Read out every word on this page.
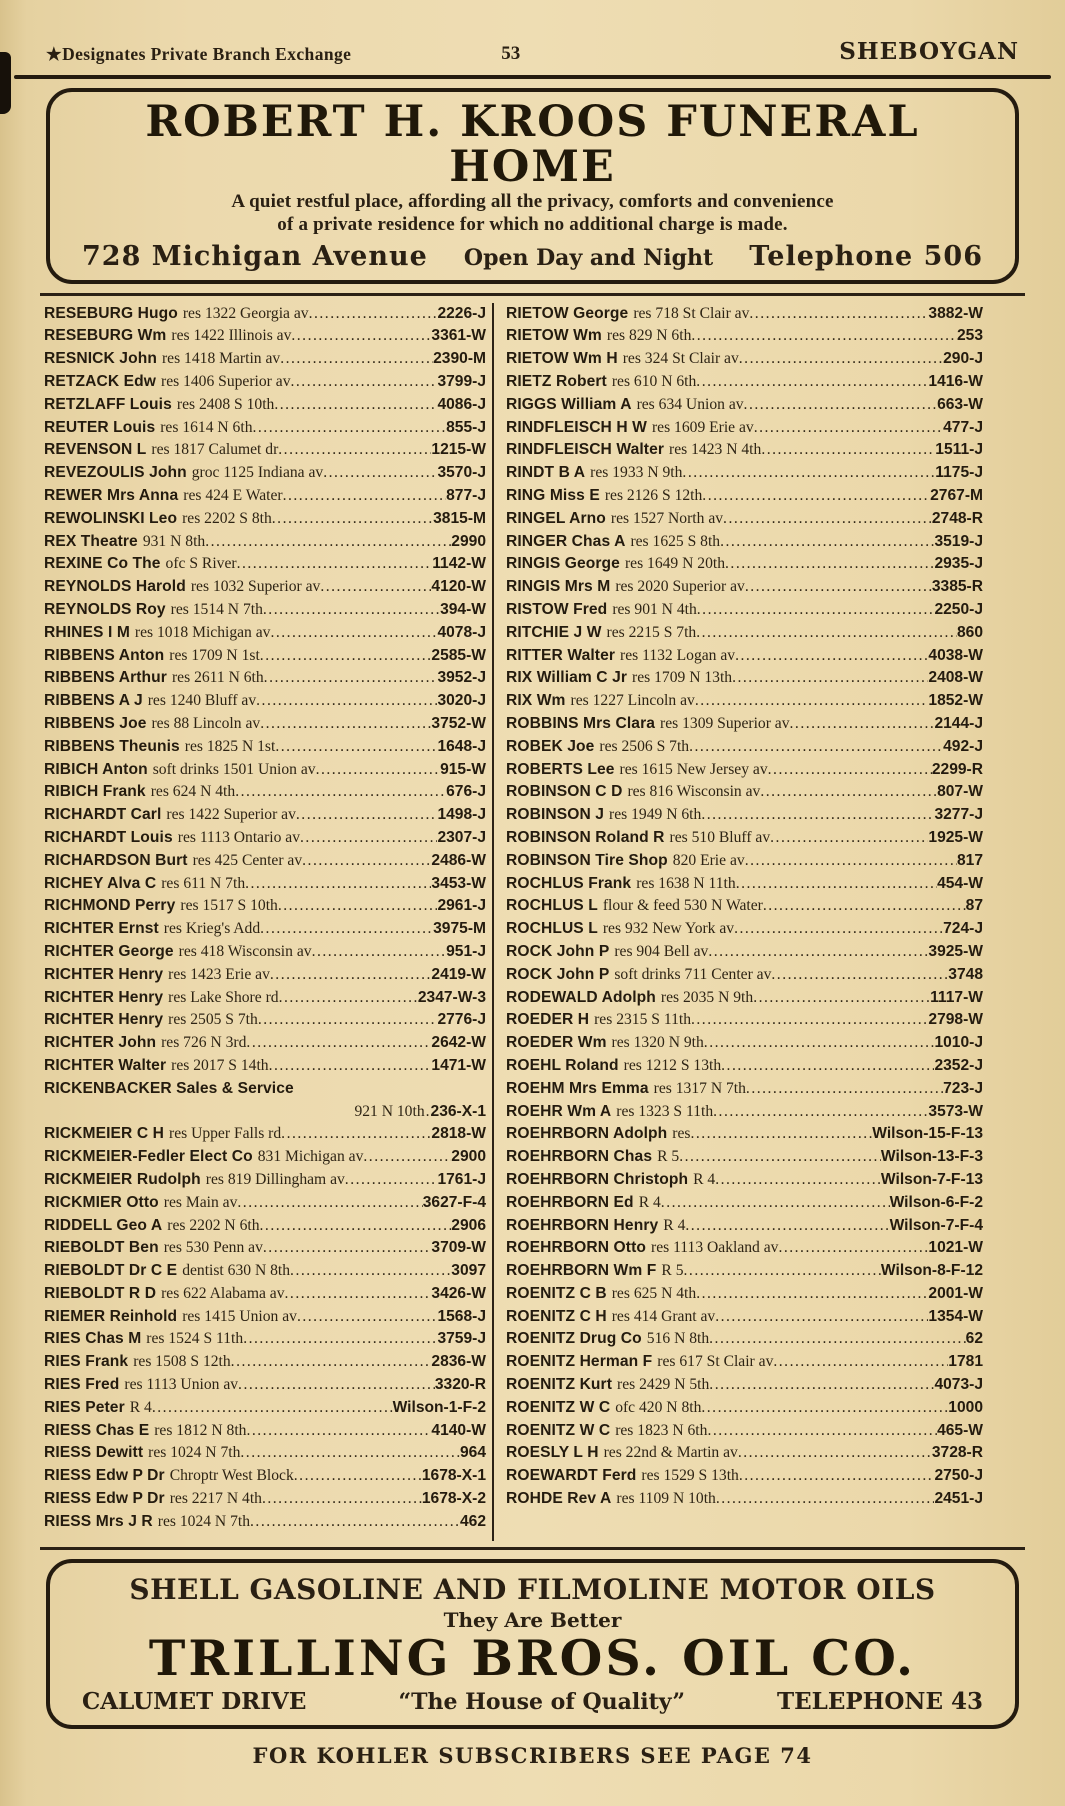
★Designates Private Branch Exchange	53	SHEBOYGAN
ROBERT H. KROOS FUNERAL HOME
A quiet restful place, affording all the privacy, comforts and convenience
of a private residence for which no additional charge is made.
728 Michigan Avenue Open Day and Night Telephone 506
RESEBURG Hugo res 1322 Georgia av .....	2226-J
RESEBURG Wm res 1422 Illinois av .....	3361-W
RESNICK John res 1418 Martin av .....	2390-M
RETZACK Edw res 1406 Superior av .....	3799-J
RETZLAFF Louis res 2408 S 10th .....	4086-J
REUTER Louis res 1614 N 6th .....	855-J
REVENSON L res 1817 Calumet dr .....	1215-W
REVEZOULIS John groc 1125 Indiana av .....	3570-J
REWER Mrs Anna res 424 E Water .....	877-J
REWOLINSKI Leo res 2202 S 8th .....	3815-M
REX Theatre 931 N 8th .....	2990
REXINE Co The ofc S River .....	1142-W
REYNOLDS Harold res 1032 Superior av .....	4120-W
REYNOLDS Roy res 1514 N 7th .....	394-W
RHINES I M res 1018 Michigan av .....	4078-J
RIBBENS Anton res 1709 N 1st .....	2585-W
RIBBENS Arthur res 2611 N 6th .....	3952-J
RIBBENS A J res 1240 Bluff av .....	3020-J
RIBBENS Joe res 88 Lincoln av .....	3752-W
RIBBENS Theunis res 1825 N 1st .....	1648-J
RIBICH Anton soft drinks 1501 Union av .....	915-W
RIBICH Frank res 624 N 4th .....	676-J
RICHARDT Carl res 1422 Superior av .....	1498-J
RICHARDT Louis res 1113 Ontario av .....	2307-J
RICHARDSON Burt res 425 Center av .....	2486-W
RICHEY Alva C res 611 N 7th .....	3453-W
RICHMOND Perry res 1517 S 10th .....	2961-J
RICHTER Ernst res Krieg's Add .....	3975-M
RICHTER George res 418 Wisconsin av .....	951-J
RICHTER Henry res 1423 Erie av .....	2419-W
RICHTER Henry res Lake Shore rd .....	2347-W-3
RICHTER Henry res 2505 S 7th .....	2776-J
RICHTER John res 726 N 3rd .....	2642-W
RICHTER Walter res 2017 S 14th .....	1471-W
RICKENBACKER Sales & Service
921 N 10th . 236-X-1
RICKMEIER C H res Upper Falls rd .....	2818-W
RICKMEIER-Fedler Elect Co 831 Michigan av .....	2900
RICKMEIER Rudolph res 819 Dillingham av .....	1761-J
RICKMIER Otto res Main av .....	3627-F-4
RIDDELL Geo A res 2202 N 6th .....	2906
RIEBOLDT Ben res 530 Penn av .....	3709-W
RIEBOLDT Dr C E dentist 630 N 8th .....	3097
RIEBOLDT R D res 622 Alabama av .....	3426-W
RIEMER Reinhold res 1415 Union av .....	1568-J
RIES Chas M res 1524 S 11th .....	3759-J
RIES Frank res 1508 S 12th .....	2836-W
RIES Fred res 1113 Union av .....	3320-R
RIES Peter R 4 .....	Wilson-1-F-2
RIESS Chas E res 1812 N 8th .....	4140-W
RIESS Dewitt res 1024 N 7th .....	964
RIESS Edw P Dr Chroptr West Block .....	1678-X-1
RIESS Edw P Dr res 2217 N 4th .....	1678-X-2
RIESS Mrs J R res 1024 N 7th .....	462
RIETOW George res 718 St Clair av .....	3882-W
RIETOW Wm res 829 N 6th .....	253
RIETOW Wm H res 324 St Clair av .....	290-J
RIETZ Robert res 610 N 6th .....	1416-W
RIGGS William A res 634 Union av .....	663-W
RINDFLEISCH H W res 1609 Erie av .....	477-J
RINDFLEISCH Walter res 1423 N 4th .....	1511-J
RINDT B A res 1933 N 9th .....	1175-J
RING Miss E res 2126 S 12th .....	2767-M
RINGEL Arno res 1527 North av .....	2748-R
RINGER Chas A res 1625 S 8th .....	3519-J
RINGIS George res 1649 N 20th .....	2935-J
RINGIS Mrs M res 2020 Superior av .....	3385-R
RISTOW Fred res 901 N 4th .....	2250-J
RITCHIE J W res 2215 S 7th .....	860
RITTER Walter res 1132 Logan av .....	4038-W
RIX William C Jr res 1709 N 13th .....	2408-W
RIX Wm res 1227 Lincoln av .....	1852-W
ROBBINS Mrs Clara res 1309 Superior av .....	2144-J
ROBEK Joe res 2506 S 7th .....	492-J
ROBERTS Lee res 1615 New Jersey av .....	2299-R
ROBINSON C D res 816 Wisconsin av .....	807-W
ROBINSON J res 1949 N 6th .....	3277-J
ROBINSON Roland R res 510 Bluff av .....	1925-W
ROBINSON Tire Shop 820 Erie av .....	817
ROCHLUS Frank res 1638 N 11th .....	454-W
ROCHLUS L flour & feed 530 N Water .....	87
ROCHLUS L res 932 New York av .....	724-J
ROCK John P res 904 Bell av .....	3925-W
ROCK John P soft drinks 711 Center av .....	3748
RODEWALD Adolph res 2035 N 9th .....	1117-W
ROEDER H res 2315 S 11th .....	2798-W
ROEDER Wm res 1320 N 9th .....	1010-J
ROEHL Roland res 1212 S 13th .....	2352-J
ROEHM Mrs Emma res 1317 N 7th .....	723-J
ROEHR Wm A res 1323 S 11th .....	3573-W
ROEHRBORN Adolph res .....	Wilson-15-F-13
ROEHRBORN Chas R 5 .....	Wilson-13-F-3
ROEHRBORN Christoph R 4 .....	Wilson-7-F-13
ROEHRBORN Ed R 4 .....	Wilson-6-F-2
ROEHRBORN Henry R 4 .....	Wilson-7-F-4
ROEHRBORN Otto res 1113 Oakland av .....	1021-W
ROEHRBORN Wm F R 5 .....	Wilson-8-F-12
ROENITZ C B res 625 N 4th .....	2001-W
ROENITZ C H res 414 Grant av .....	1354-W
ROENITZ Drug Co 516 N 8th .....	62
ROENITZ Herman F res 617 St Clair av .....	1781
ROENITZ Kurt res 2429 N 5th .....	4073-J
ROENITZ W C ofc 420 N 8th .....	1000
ROENITZ W C res 1823 N 6th .....	465-W
ROESLY L H res 22nd & Martin av .....	3728-R
ROEWARDT Ferd res 1529 S 13th .....	2750-J
ROHDE Rev A res 1109 N 10th .....	2451-J
SHELL GASOLINE AND FILMOLINE MOTOR OILS
They Are Better
TRILLING BROS. OIL CO.
CALUMET DRIVE	“The House of Quality”	TELEPHONE 43
FOR KOHLER SUBSCRIBERS SEE PAGE 74
